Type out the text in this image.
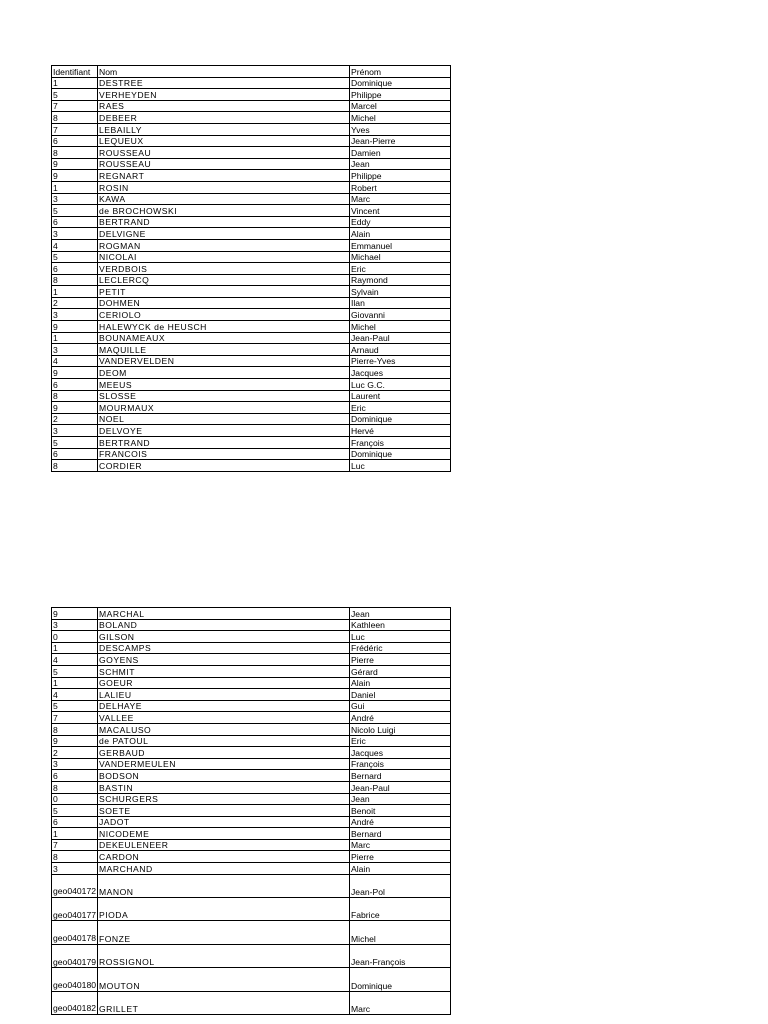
Identifiant	Nom	Prénom
1	DESTREE	Dominique
5	VERHEYDEN	Philippe
7	RAES	Marcel
8	DEBEER	Michel
7	LEBAILLY	Yves
6	LEQUEUX	Jean-Pierre
8	ROUSSEAU	Damien
9	ROUSSEAU	Jean
9	REGNART	Philippe
1	ROSIN	Robert
3	KAWA	Marc
5	de BROCHOWSKI	Vincent
6	BERTRAND	Eddy
3	DELVIGNE	Alain
4	ROGMAN	Emmanuel
5	NICOLAI	Michael
6	VERDBOIS	Eric
8	LECLERCQ	Raymond
1	PETIT	Sylvain
2	DOHMEN	Ilan
3	CERIOLO	Giovanni
9	HALEWYCK de HEUSCH	Michel
1	BOUNAMEAUX	Jean-Paul
3	MAQUILLE	Arnaud
4	VANDERVELDEN	Pierre-Yves
9	DEOM	Jacques
6	MEEUS	Luc G.C.
8	SLOSSE	Laurent
9	MOURMAUX	Eric
2	NOEL	Dominique
3	DELVOYE	Hervé
5	BERTRAND	François
6	FRANCOIS	Dominique
8	CORDIER	Luc
9	MARCHAL	Jean
3	BOLAND	Kathleen
0	GILSON	Luc
1	DESCAMPS	Frédéric
4	GOYENS	Pierre
5	SCHMIT	Gérard
1	GOEUR	Alain
4	LALIEU	Daniel
5	DELHAYE	Gui
7	VALLEE	André
8	MACALUSO	Nicolo Luigi
9	de PATOUL	Eric
2	GERBAUD	Jacques
3	VANDERMEULEN	François
6	BODSON	Bernard
8	BASTIN	Jean-Paul
0	SCHURGERS	Jean
5	SOETE	Benoit
6	JADOT	André
1	NICODEME	Bernard
7	DEKEULENEER	Marc
8	CARDON	Pierre
3	MARCHAND	Alain
geo040172	MANON	Jean-Pol
geo040177	PIODA	Fabrice
geo040178	FONZE	Michel
geo040179	ROSSIGNOL	Jean-François
geo040180	MOUTON	Dominique
geo040182	GRILLET	Marc
